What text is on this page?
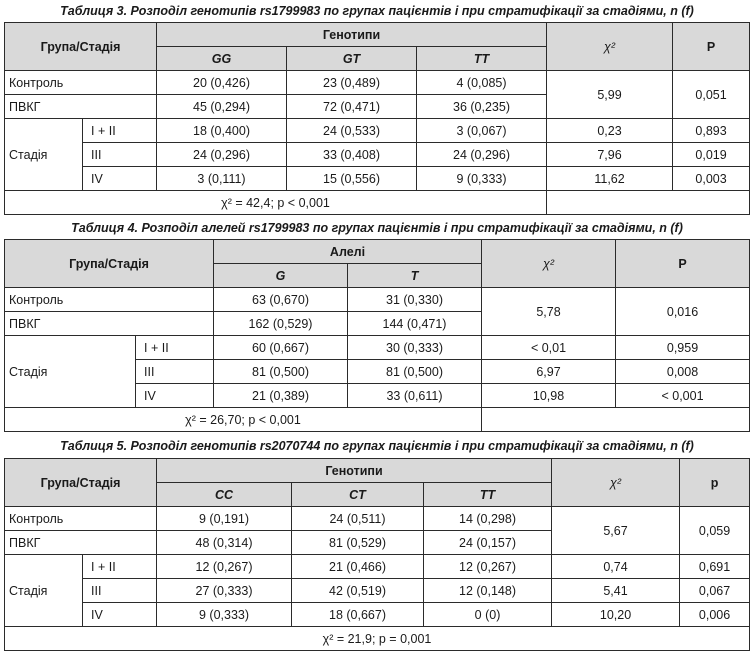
Таблиця 3. Розподіл генотипів rs1799983 по групах пацієнтів і при стратифікації за стадіями, n (f)
Група/Стадія		Генотипи			χ²	P
		GG	GT	TT		
Контроль		20 (0,426)	23 (0,489)	4 (0,085)	5,99	0,051
ПВКГ		45 (0,294)	72 (0,471)	36 (0,235)		
Стадія	I + II	18 (0,400)	24 (0,533)	3 (0,067)	0,23	0,893
	III	24 (0,296)	33 (0,408)	24 (0,296)	7,96	0,019
	IV	3 (0,111)	15 (0,556)	9 (0,333)	11,62	0,003
χ² = 42,4; p < 0,001						
Таблиця 4. Розподіл алелей rs1799983 по групах пацієнтів і при стратифікації за стадіями, n (f)
Група/Стадія		Алелі		χ²	P
		G	T		
Контроль		63 (0,670)	31 (0,330)	5,78	0,016
ПВКГ		162 (0,529)	144 (0,471)		
Стадія	I + II	60 (0,667)	30 (0,333)	< 0,01	0,959
	III	81 (0,500)	81 (0,500)	6,97	0,008
	IV	21 (0,389)	33 (0,611)	10,98	< 0,001
χ² = 26,70; p < 0,001					
Таблиця 5. Розподіл генотипів rs2070744 по групах пацієнтів і при стратифікації за стадіями, n (f)
Група/Стадія		Генотипи			χ²	p
		CC	CT	TT		
Контроль		9 (0,191)	24 (0,511)	14 (0,298)	5,67	0,059
ПВКГ		48 (0,314)	81 (0,529)	24 (0,157)		
Стадія	I + II	12 (0,267)	21 (0,466)	12 (0,267)	0,74	0,691
	III	27 (0,333)	42 (0,519)	12 (0,148)	5,41	0,067
	IV	9 (0,333)	18 (0,667)	0 (0)	10,20	0,006
χ² = 21,9; p = 0,001						
